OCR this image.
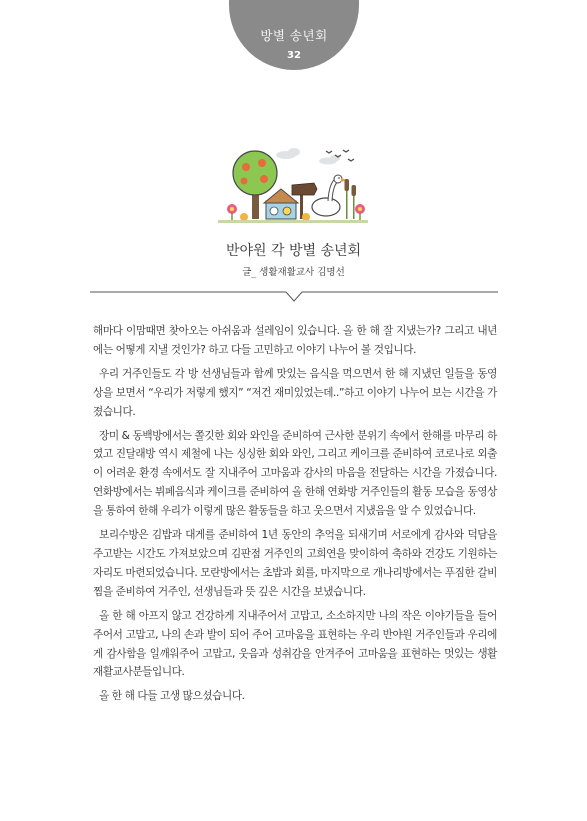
방별 송년회
32
반야원 각 방별 송년회
글_ 생활재활교사 김명선

해마다 이맘때면 찾아오는 아쉬움과 설레임이 있습니다. 올 한 해 잘 지냈는가? 그리고 내년에는 어떻게 지낼 것인가? 하고 다들 고민하고 이야기 나누어 볼 것입니다.

우리 거주인들도 각 방 선생님들과 함께 맛있는 음식을 먹으면서 한 해 지냈던 일들을 동영상을 보면서 “우리가 저렇게 했지” “저건 재미있었는데..”하고 이야기 나누어 보는 시간을 가졌습니다.

장미 & 동백방에서는 쫄깃한 회와 와인을 준비하여 근사한 분위기 속에서 한해를 마무리 하였고 진달래방 역시 제철에 나는 싱싱한 회와 와인, 그리고 케이크를 준비하여 코로나로 외출이 어려운 환경 속에서도 잘 지내주어 고마움과 감사의 마음을 전달하는 시간을 가졌습니다. 연화방에서는 뷔페음식과 케이크를 준비하여 올 한해 연화방 거주인들의 활동 모습을 동영상을 통하여 한해 우리가 이렇게 많은 활동들을 하고 웃으면서 지냈음을 알 수 있었습니다.

보리수방은 김밥과 대게를 준비하여 1년 동안의 추억을 되새기며 서로에게 감사와 덕담을 주고받는 시간도 가져보았으며 김판점 거주인의 고희연을 맞이하여 축하와 건강도 기원하는 자리도 마련되었습니다. 모란방에서는 초밥과 회를, 마지막으로 개나리방에서는 푸짐한 갈비찜을 준비하여 거주인, 선생님들과 뜻 깊은 시간을 보냈습니다.

올 한 해 아프지 않고 건강하게 지내주어서 고맙고, 소소하지만 나의 작은 이야기들을 들어주어서 고맙고, 나의 손과 발이 되어 주어 고마움을 표현하는 우리 반야원 거주인들과 우리에게 감사함을 일깨워주어 고맙고, 웃음과 성취감을 안겨주어 고마움을 표현하는 멋있는 생활재활교사분들입니다.

올 한 해 다들 고생 많으셨습니다.
